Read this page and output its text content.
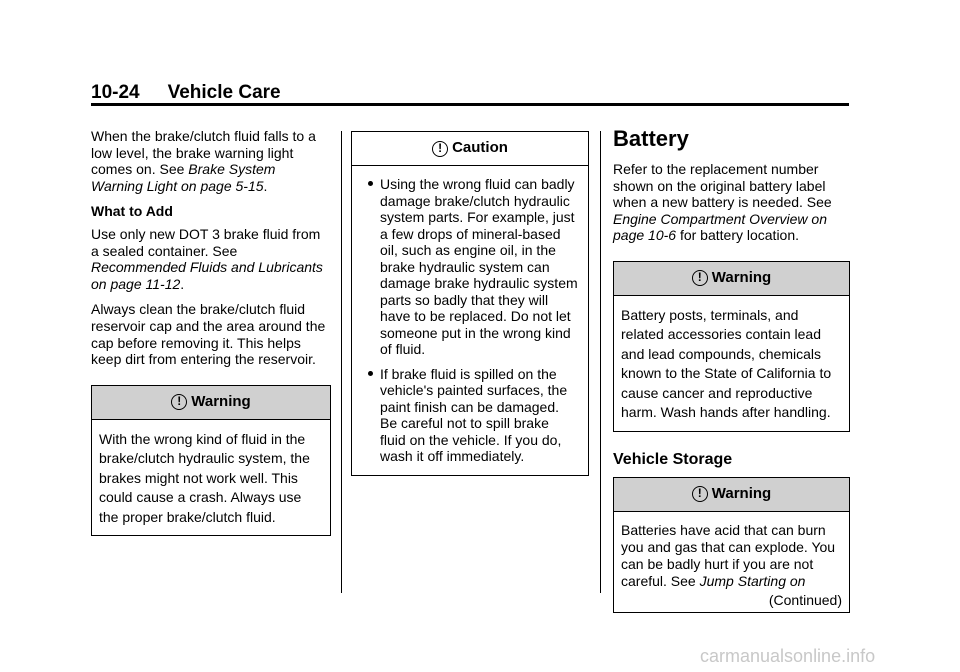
10-24 Vehicle Care

When the brake/clutch fluid falls to a low level, the brake warning light comes on. See Brake System Warning Light on page 5-15.

What to Add

Use only new DOT 3 brake fluid from a sealed container. See Recommended Fluids and Lubricants on page 11-12.

Always clean the brake/clutch fluid reservoir cap and the area around the cap before removing it. This helps keep dirt from entering the reservoir.

! Warning
With the wrong kind of fluid in the brake/clutch hydraulic system, the brakes might not work well. This could cause a crash. Always use the proper brake/clutch fluid.
! Caution
Using the wrong fluid can badly damage brake/clutch hydraulic system parts. For example, just a few drops of mineral-based oil, such as engine oil, in the brake hydraulic system can damage brake hydraulic system parts so badly that they will have to be replaced. Do not let someone put in the wrong kind of fluid.
If brake fluid is spilled on the vehicle's painted surfaces, the paint finish can be damaged. Be careful not to spill brake fluid on the vehicle. If you do, wash it off immediately.
Battery

Refer to the replacement number shown on the original battery label when a new battery is needed. See Engine Compartment Overview on page 10-6 for battery location.

! Warning
Battery posts, terminals, and related accessories contain lead and lead compounds, chemicals known to the State of California to cause cancer and reproductive harm. Wash hands after handling.
Vehicle Storage
! Warning
Batteries have acid that can burn you and gas that can explode. You can be badly hurt if you are not careful. See Jump Starting on
(Continued)
carmanualsonline.info
